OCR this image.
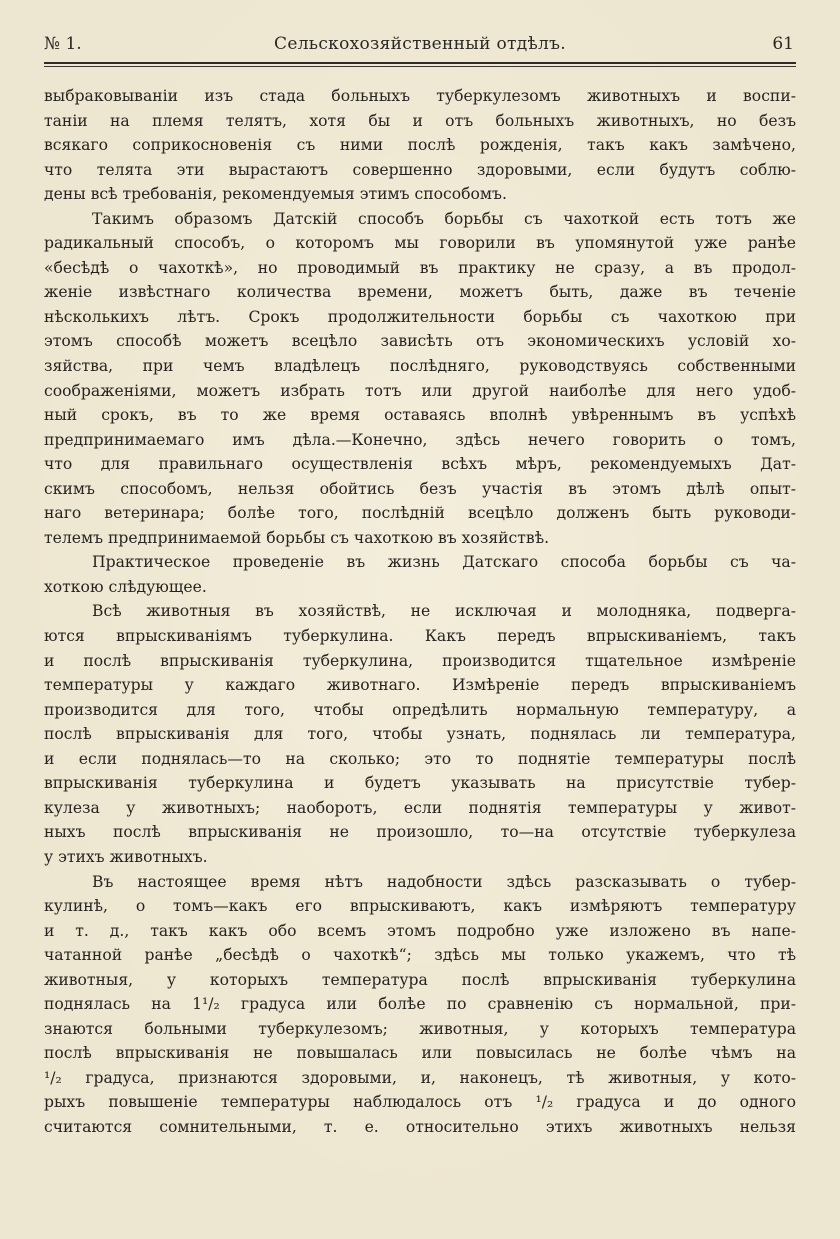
№ 1.	Сельскохозяйственный отдѣлъ.	61
выбраковываніи изъ стада больныхъ туберкулезомъ животныхъ и воспи-
таніи на племя телятъ, хотя бы и отъ больныхъ животныхъ, но безъ
всякаго соприкосновенія съ ними послѣ рожденія, такъ какъ замѣчено,
что телята эти вырастаютъ совершенно здоровыми, если будутъ соблю-
дены всѣ требованія, рекомендуемыя этимъ способомъ.
Такимъ образомъ Датскій способъ борьбы съ чахоткой есть тотъ же
радикальный способъ, о которомъ мы говорили въ упомянутой уже ранѣе
«бесѣдѣ о чахоткѣ», но проводимый въ практику не сразу, а въ продол-
женіе извѣстнаго количества времени, можетъ быть, даже въ теченіе
нѣсколькихъ лѣтъ. Срокъ продолжительности борьбы съ чахоткою при
этомъ способѣ можетъ всецѣло зависѣть отъ экономическихъ условій хо-
зяйства, при чемъ владѣлецъ послѣдняго, руководствуясь собственными
соображеніями, можетъ избрать тотъ или другой наиболѣе для него удоб-
ный срокъ, въ то же время оставаясь вполнѣ увѣреннымъ въ успѣхѣ
предпринимаемаго имъ дѣла.—Конечно, здѣсь нечего говорить о томъ,
что для правильнаго осуществленія всѣхъ мѣръ, рекомендуемыхъ Дат-
скимъ способомъ, нельзя обойтись безъ участія въ этомъ дѣлѣ опыт-
наго ветеринара; болѣе того, послѣдній всецѣло долженъ быть руководи-
телемъ предпринимаемой борьбы съ чахоткою въ хозяйствѣ.
Практическое проведеніе въ жизнь Датскаго способа борьбы съ ча-
хоткою слѣдующее.
Всѣ животныя въ хозяйствѣ, не исключая и молодняка, подверга-
ются впрыскиваніямъ туберкулина. Какъ передъ впрыскиваніемъ, такъ
и послѣ впрыскиванія туберкулина, производится тщательное измѣреніе
температуры у каждаго животнаго. Измѣреніе передъ впрыскиваніемъ
производится для того, чтобы опредѣлить нормальную температуру, а
послѣ впрыскиванія для того, чтобы узнать, поднялась ли температура,
и если поднялась—то на сколько; это то поднятіе температуры послѣ
впрыскиванія туберкулина и будетъ указывать на присутствіе тубер-
кулеза у животныхъ; наоборотъ, если поднятія температуры у живот-
ныхъ послѣ впрыскиванія не произошло, то—на отсутствіе туберкулеза
у этихъ животныхъ.
Въ настоящее время нѣтъ надобности здѣсь разсказывать о тубер-
кулинѣ, о томъ—какъ его впрыскиваютъ, какъ измѣряютъ температуру
и т. д., такъ какъ обо всемъ этомъ подробно уже изложено въ напе-
чатанной ранѣе „бесѣдѣ о чахоткѣ“; здѣсь мы только укажемъ, что тѣ
животныя, у которыхъ температура послѣ впрыскиванія туберкулина
поднялась на 1¹/₂ градуса или болѣе по сравненію съ нормальной, при-
знаются больными туберкулезомъ; животныя, у которыхъ температура
послѣ впрыскиванія не повышалась или повысилась не болѣе чѣмъ на
¹/₂ градуса, признаются здоровыми, и, наконецъ, тѣ животныя, у кото-
рыхъ повышеніе температуры наблюдалось отъ ¹/₂ градуса и до одного
считаются сомнительными, т. е. относительно этихъ животныхъ нельзя
